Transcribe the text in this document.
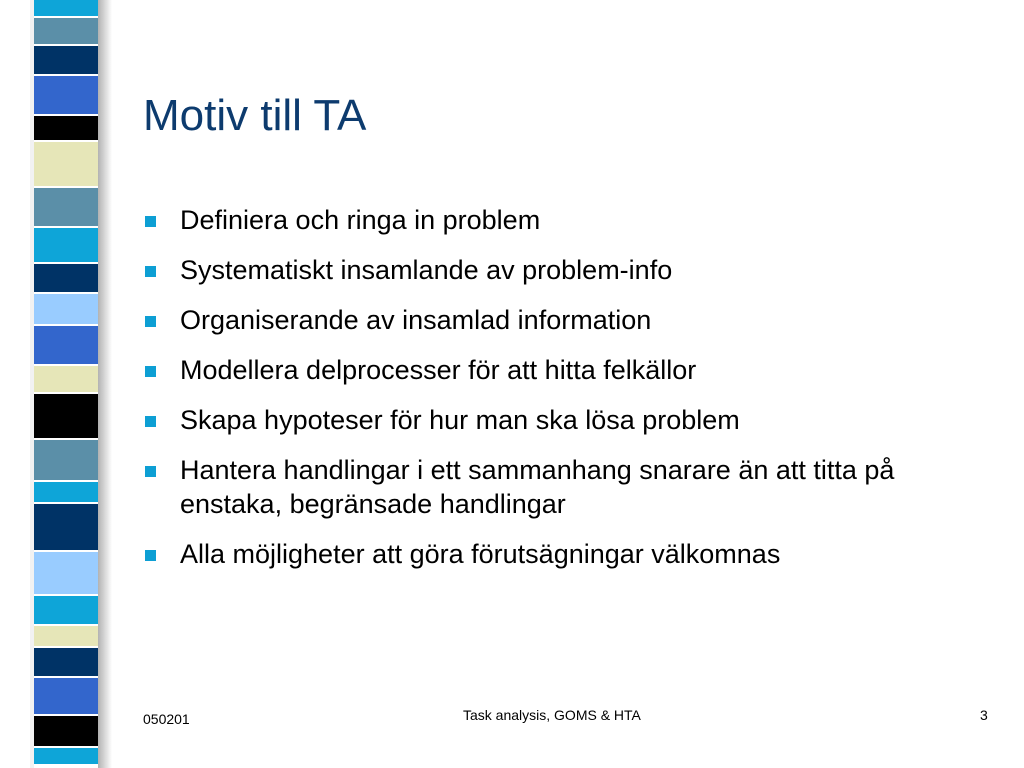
Motiv till TA
Definiera och ringa in problem
Systematiskt insamlande av problem-info
Organiserande av insamlad information
Modellera delprocesser för att hitta felkällor
Skapa hypoteser för hur man ska lösa problem
Hantera handlingar i ett sammanhang snarare än att titta på enstaka, begränsade handlingar
Alla möjligheter att göra förutsägningar välkomnas
050201	Task analysis, GOMS & HTA	3
